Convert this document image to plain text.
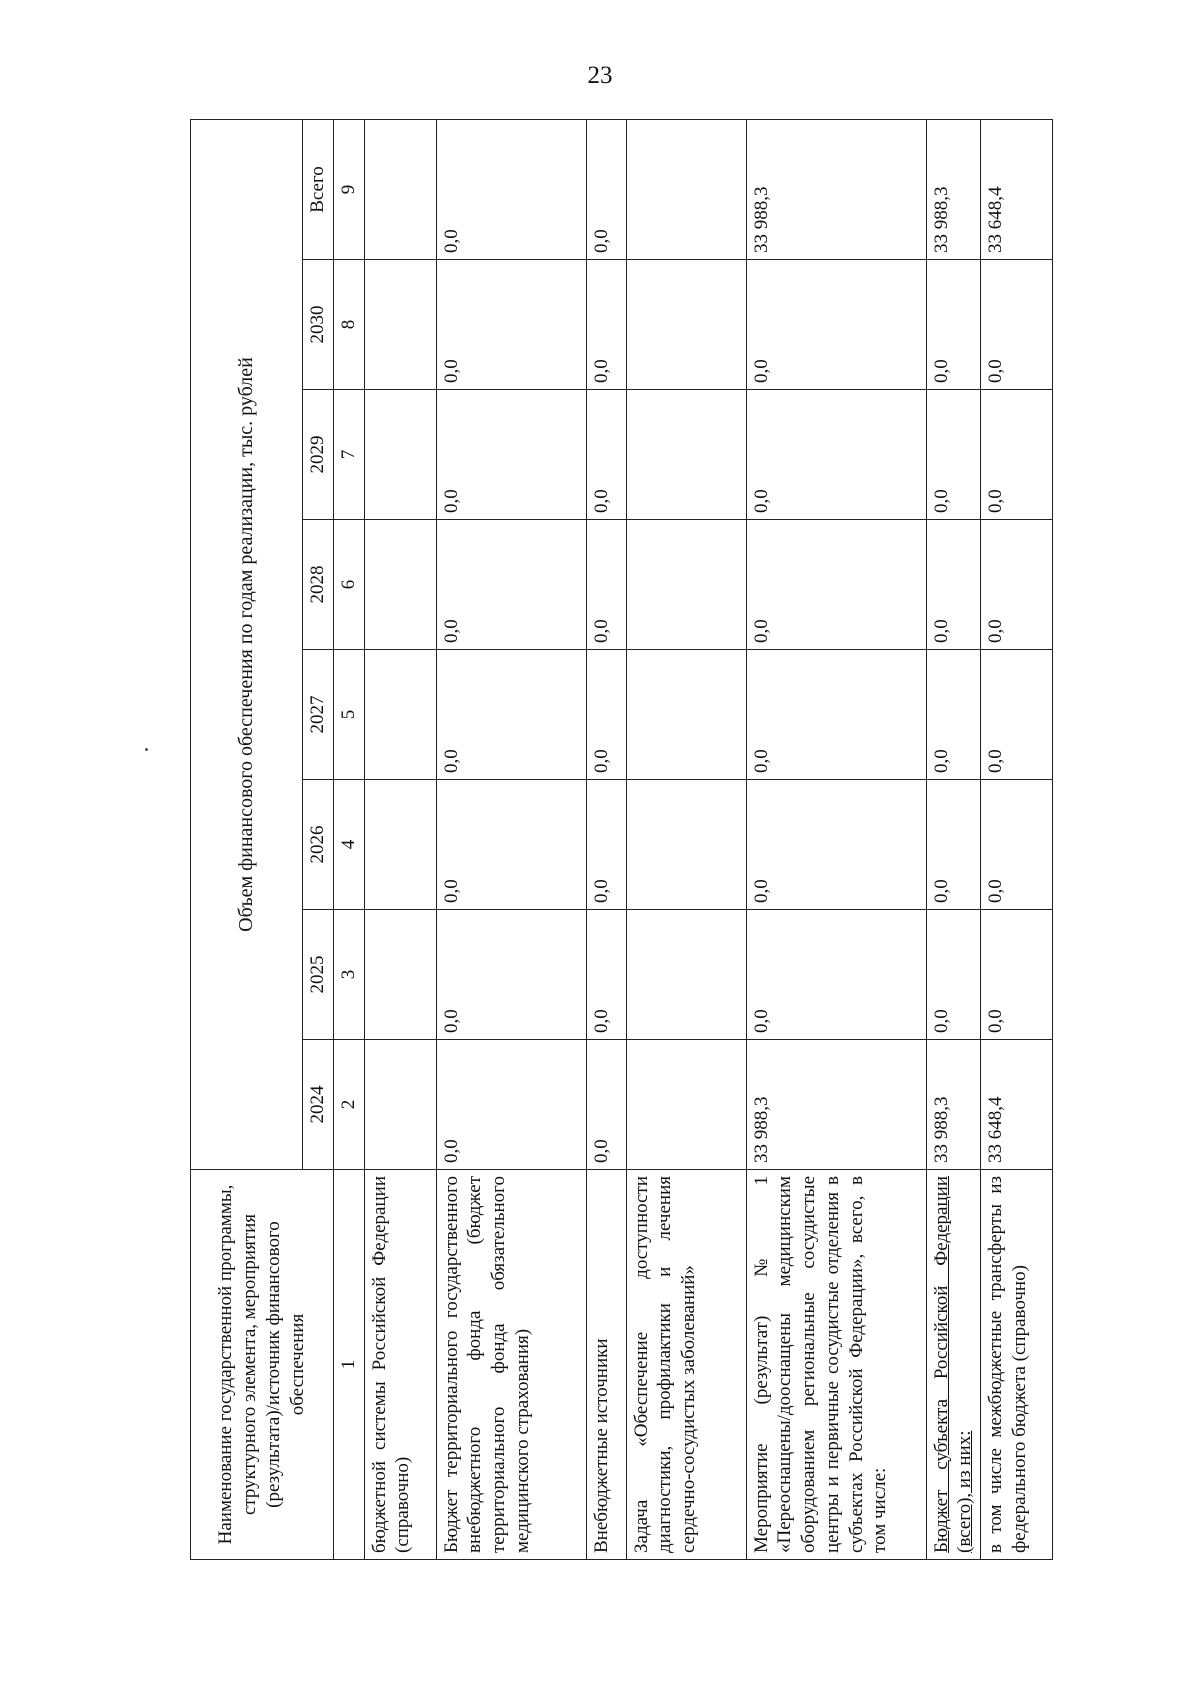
23
Наименование государственной программы, структурного элемента, мероприятия (результата)/источник финансового обеспечения	Объем финансового обеспечения по годам реализации, тыс. рублей							
	2024	2025	2026	2027	2028	2029	2030	Всего
1	2	3	4	5	6	7	8	9
бюджетной системы Российской Федерации (справочно)								
Бюджет территориального государственного внебюджетного фонда (бюджет территориального фонда обязательного медицинского страхования)	0,0	0,0	0,0	0,0	0,0	0,0	0,0	0,0
Внебюджетные источники	0,0	0,0	0,0	0,0	0,0	0,0	0,0	0,0
Задача «Обеспечение доступности диагностики, профилактики и лечения сердечно-сосудистых заболеваний»								
Мероприятие (результат) № 1 «Переоснащены/дооснащены медицинским оборудованием региональные сосудистые центры и первичные сосудистые отделения в субъектах Российской Федерации», всего, в том числе:	33 988,3	0,0	0,0	0,0	0,0	0,0	0,0	33 988,3
Бюджет субъекта Российской Федерации (всего), из них:	33 988,3	0,0	0,0	0,0	0,0	0,0	0,0	33 988,3
в том числе межбюджетные трансферты из федерального бюджета (справочно)	33 648,4	0,0	0,0	0,0	0,0	0,0	0,0	33 648,4
